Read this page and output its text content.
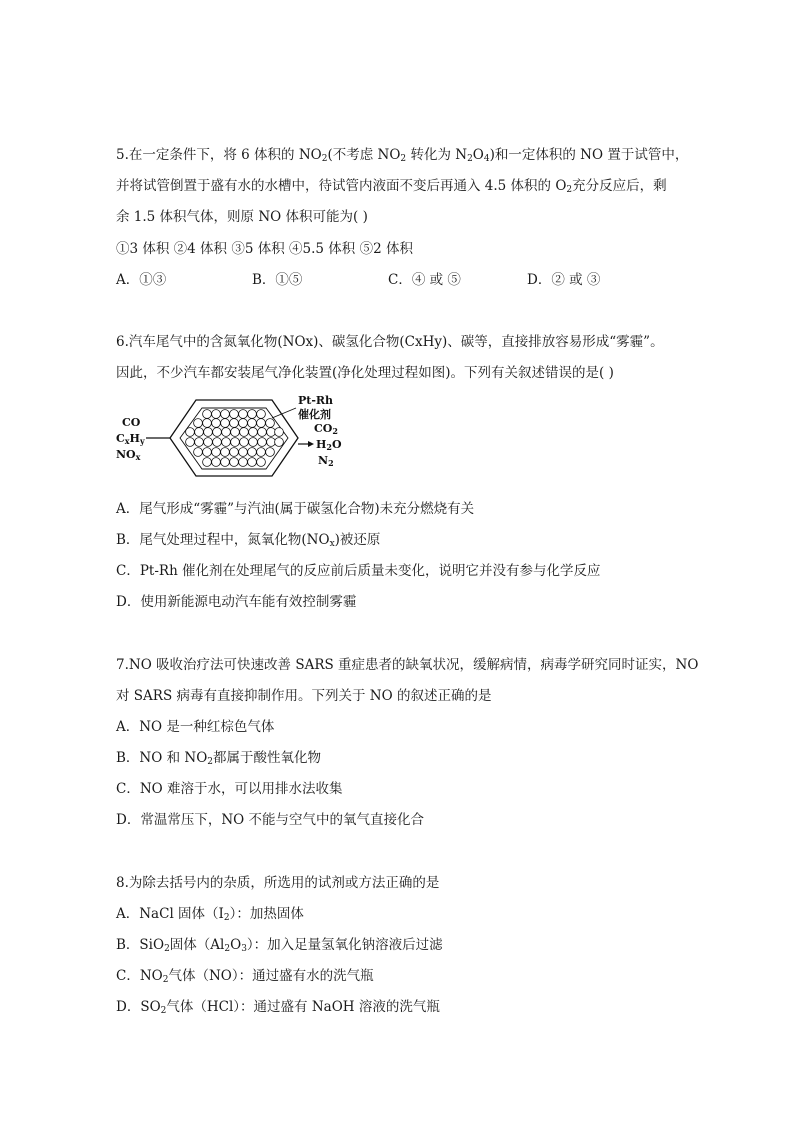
5.在一定条件下，将 6 体积的 $NO_2$(不考虑 $NO_2$ 转化为 $N_2O_4$)和一定体积的 NO 置于试管中，
并将试管倒置于盛有水的水槽中，待试管内液面不变后再通入 4.5 体积的 $O_2$充分反应后，剩
余 1.5 体积气体，则原 NO 体积可能为( )
①3 体积 ②4 体积 ③5 体积 ④5.5 体积 ⑤2 体积
A．①③	B．①⑤	C．④ 或 ⑤	D．② 或 ③
6.汽车尾气中的含氮氧化物(NOx)、碳氢化合物(CxHy)、碳等，直接排放容易形成“雾霾”。
因此，不少汽车都安装尾气净化装置(净化处理过程如图)。下列有关叙述错误的是( )
CO
CxHy
NOx
Pt-Rh
催化剂
CO2
H2O
N2
A．尾气形成“雾霾”与汽油(属于碳氢化合物)未充分燃烧有关
B．尾气处理过程中，氮氧化物$(NO_x)$被还原
C．Pt-Rh 催化剂在处理尾气的反应前后质量未变化，说明它并没有参与化学反应
D．使用新能源电动汽车能有效控制雾霾
7.NO 吸收治疗法可快速改善 SARS 重症患者的缺氧状况，缓解病情，病毒学研究同时证实，NO
对 SARS 病毒有直接抑制作用。下列关于 NO 的叙述正确的是
A．NO 是一种红棕色气体
B．NO 和 $NO_2$都属于酸性氧化物
C．NO 难溶于水，可以用排水法收集
D．常温常压下，NO 不能与空气中的氧气直接化合
8.为除去括号内的杂质，所选用的试剂或方法正确的是
A．NaCl 固体$(I_2)$：加热固体
B．SiO$_2$固体$(Al_2O_3)$：加入足量氢氧化钠溶液后过滤
C．$NO_2$气体（NO）：通过盛有水的洗气瓶
D．$SO_2$气体（HCl）：通过盛有 NaOH 溶液的洗气瓶
